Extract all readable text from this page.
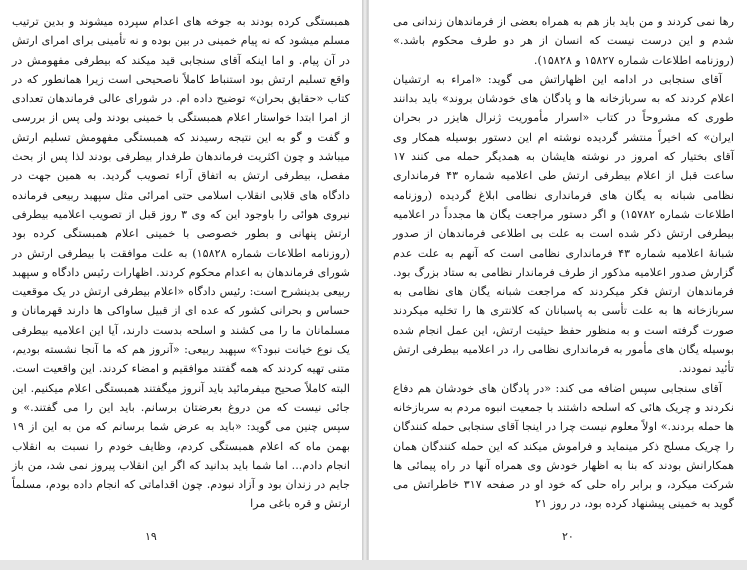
همبستگی کرده بودند به جوخه های اعدام سپرده میشوند و بدین ترتیب مسلم میشود که نه پیام خمینی در بین بوده و نه تأمینی برای امرای ارتش در آن پیام. و اما اینکه آقای سنجابی قید میکند که بیطرفی مفهومش در واقع تسلیم ارتش بود استنباط کاملاً ناصحیحی است زیرا همانطور که در کتاب «حقایق بحران» توضیح داده ام. در شورای عالی فرماندهان تعدادی از امرا ابتدا خواستار اعلام همبستگی با خمینی بودند ولی پس از بررسی و گفت و گو به این نتیجه رسیدند که همبستگی مفهومش تسلیم ارتش میباشد و چون اکثریت فرماندهان طرفدار بیطرفی بودند لذا پس از بحث مفصل، بیطرفی ارتش به اتفاق آراء تصویب گردید. به همین جهت در دادگاه های قلابی انقلاب اسلامی حتی امرائی مثل سپهبد ربیعی فرمانده نیروی هوائی را باوجود این که وی ۳ روز قبل از تصویب اعلامیه بیطرفی ارتش پنهانی و بطور خصوصی با خمینی اعلام همبستگی کرده بود (روزنامه اطلاعات شماره ۱۵۸۲۸) به علت موافقت با بیطرفی ارتش در شورای فرماندهان به اعدام محکوم کردند. اظهارات رئیس دادگاه و سپهبد ربیعی بدینشرح است: رئیس دادگاه «اعلام بیطرفی ارتش در یک موقعیت حساس و بحرانی کشور که عده ای از قبیل ساواکی ها دارند قهرمانان و مسلمانان ما را می کشند و اسلحه بدست دارند، آیا این اعلامیه بیطرفی یک نوع خیانت نبود؟» سپهبد ربیعی: «آنروز هم که ما آنجا نشسته بودیم، متنی تهیه کردند که همه گفتند موافقیم و امضاء کردند. این واقعیت است. البته کاملاً صحیح میفرمائید باید آنروز میگفتند همبستگی اعلام میکنیم. این جائی نیست که من دروغ بعرضتان برسانم. باید این را می گفتند.» و سپس چنین می گوید: «باید به عرض شما برسانم که من به این از ۱۹ بهمن ماه که اعلام همبستگی کردم، وظایف خودم را نسبت به انقلاب انجام دادم... اما شما باید بدانید که اگر این انقلاب پیروز نمی شد، من باز جایم در زندان بود و آزاد نبودم. چون اقداماتی که انجام داده بودم، مسلماً ارتش و قره باغی مرا

١٩

رها نمی کردند و من باید باز هم به همراه بعضی از فرماندهان زندانی می شدم و این درست نیست که انسان از هر دو طرف محکوم باشد.» (روزنامه اطلاعات شماره ۱۵۸۲۷ و ۱۵۸۲۸).

آقای سنجابی در ادامه این اظهاراتش می گوید: «امراء به ارتشیان اعلام کردند که به سربازخانه ها و پادگان های خودشان بروند» باید بدانند طوری که مشروحاً در کتاب «اسرار مأموریت ژنرال هایزر در بحران ایران» که اخیراً منتشر گردیده نوشته ام این دستور بوسیله همکار وی آقای بختیار که امروز در نوشته هایشان به همدیگر حمله می کنند ۱۷ ساعت قبل از اعلام بیطرفی ارتش طی اعلامیه شماره ۴۳ فرمانداری نظامی شبانه به یگان های فرمانداری نظامی ابلاغ گردیده (روزنامه اطلاعات شماره ۱۵۷۸۲) و اگر دستور مراجعت یگان ها مجدداً در اعلامیه بیطرفی ارتش ذکر شده است به علت بی اطلاعی فرماندهان از صدور شبانهٔ اعلامیه شماره ۴۳ فرمانداری نظامی است که آنهم به علت عدم گزارش صدور اعلامیه مذکور از طرف فرماندار نظامی به ستاد بزرگ بود. فرماندهان ارتش فکر میکردند که مراجعت شبانه یگان های نظامی به سربازخانه ها به علت تأسی به پاسبانان که کلانتری ها را تخلیه میکردند صورت گرفته است و به منظور حفظ حیثیت ارتش، این عمل انجام شده بوسیله یگان های مأمور به فرمانداری نظامی را، در اعلامیه بیطرفی ارتش تأئید نمودند.

آقای سنجابی سپس اضافه می کند: «در پادگان های خودشان هم دفاع نکردند و چریک هائی که اسلحه داشتند با جمعیت انبوه مردم به سربازخانه ها حمله بردند.» اولاً معلوم نیست چرا در اینجا آقای سنجابی حمله کنندگان را چریک مسلح ذکر مینماید و فراموش میکند که این حمله کنندگان همان همکارانش بودند که بنا به اظهار خودش وی همراه آنها در راه پیمائی ها شرکت میکرد، و برابر راه حلی که خود او در صفحه ۳۱۷ خاطراتش می گوید به خمینی پیشنهاد کرده بود، در روز ۲۱

٢٠
